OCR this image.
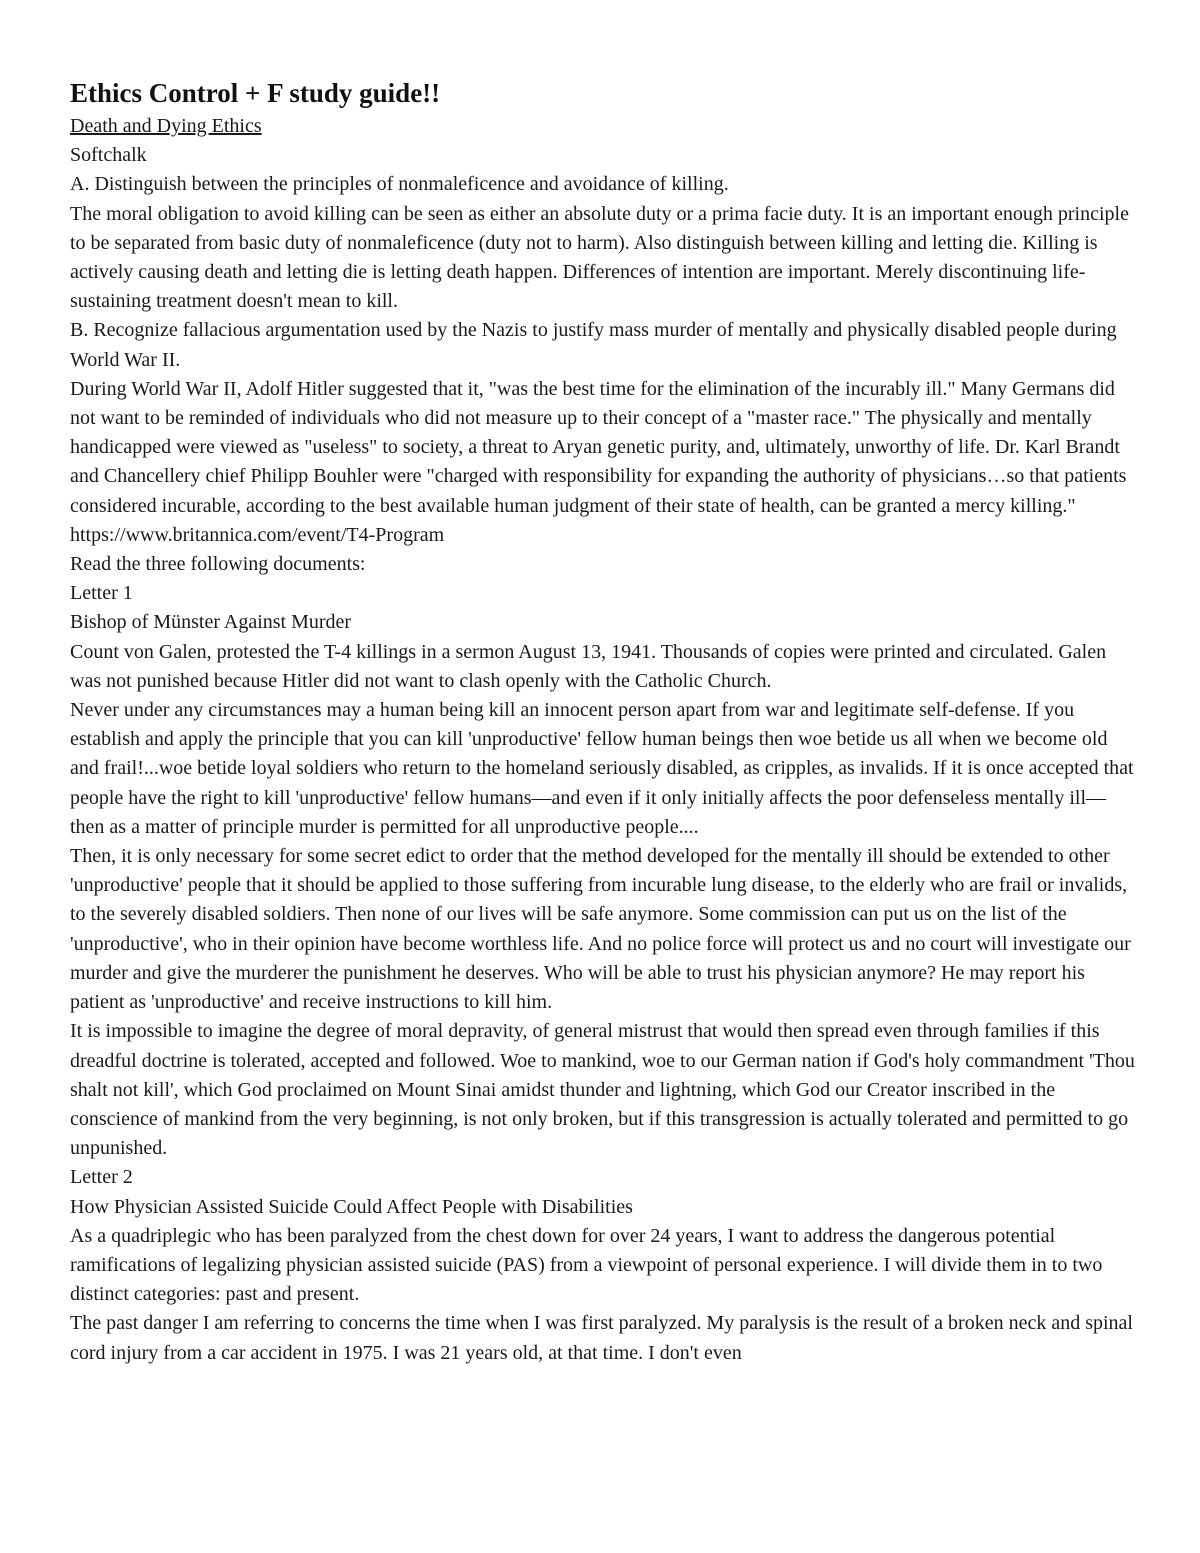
Ethics Control + F study guide!!
Death and Dying Ethics
Softchalk
A. Distinguish between the principles of nonmaleficence and avoidance of killing.
The moral obligation to avoid killing can be seen as either an absolute duty or a prima facie duty. It is an important enough principle to be separated from basic duty of nonmaleficence (duty not to harm). Also distinguish between killing and letting die. Killing is actively causing death and letting die is letting death happen. Differences of intention are important. Merely discontinuing life-sustaining treatment doesn't mean to kill.
B. Recognize fallacious argumentation used by the Nazis to justify mass murder of mentally and physically disabled people during World War II.
During World War II, Adolf Hitler suggested that it, "was the best time for the elimination of the incurably ill." Many Germans did not want to be reminded of individuals who did not measure up to their concept of a "master race." The physically and mentally handicapped were viewed as "useless" to society, a threat to Aryan genetic purity, and, ultimately, unworthy of life. Dr. Karl Brandt and Chancellery chief Philipp Bouhler were "charged with responsibility for expanding the authority of physicians…so that patients considered incurable, according to the best available human judgment of their state of health, can be granted a mercy killing."
https://www.britannica.com/event/T4-Program
Read the three following documents:
Letter 1
Bishop of Münster Against Murder
Count von Galen, protested the T-4 killings in a sermon August 13, 1941. Thousands of copies were printed and circulated. Galen was not punished because Hitler did not want to clash openly with the Catholic Church.
Never under any circumstances may a human being kill an innocent person apart from war and legitimate self-defense. If you establish and apply the principle that you can kill 'unproductive' fellow human beings then woe betide us all when we become old and frail!...woe betide loyal soldiers who return to the homeland seriously disabled, as cripples, as invalids. If it is once accepted that people have the right to kill 'unproductive' fellow humans—and even if it only initially affects the poor defenseless mentally ill—then as a matter of principle murder is permitted for all unproductive people....
Then, it is only necessary for some secret edict to order that the method developed for the mentally ill should be extended to other 'unproductive' people that it should be applied to those suffering from incurable lung disease, to the elderly who are frail or invalids, to the severely disabled soldiers. Then none of our lives will be safe anymore. Some commission can put us on the list of the 'unproductive', who in their opinion have become worthless life. And no police force will protect us and no court will investigate our murder and give the murderer the punishment he deserves. Who will be able to trust his physician anymore? He may report his patient as 'unproductive' and receive instructions to kill him.
It is impossible to imagine the degree of moral depravity, of general mistrust that would then spread even through families if this dreadful doctrine is tolerated, accepted and followed. Woe to mankind, woe to our German nation if God's holy commandment 'Thou shalt not kill', which God proclaimed on Mount Sinai amidst thunder and lightning, which God our Creator inscribed in the conscience of mankind from the very beginning, is not only broken, but if this transgression is actually tolerated and permitted to go unpunished.
Letter 2
How Physician Assisted Suicide Could Affect People with Disabilities
As a quadriplegic who has been paralyzed from the chest down for over 24 years, I want to address the dangerous potential ramifications of legalizing physician assisted suicide (PAS) from a viewpoint of personal experience. I will divide them in to two distinct categories: past and present.
The past danger I am referring to concerns the time when I was first paralyzed. My paralysis is the result of a broken neck and spinal cord injury from a car accident in 1975. I was 21 years old, at that time. I don't even
